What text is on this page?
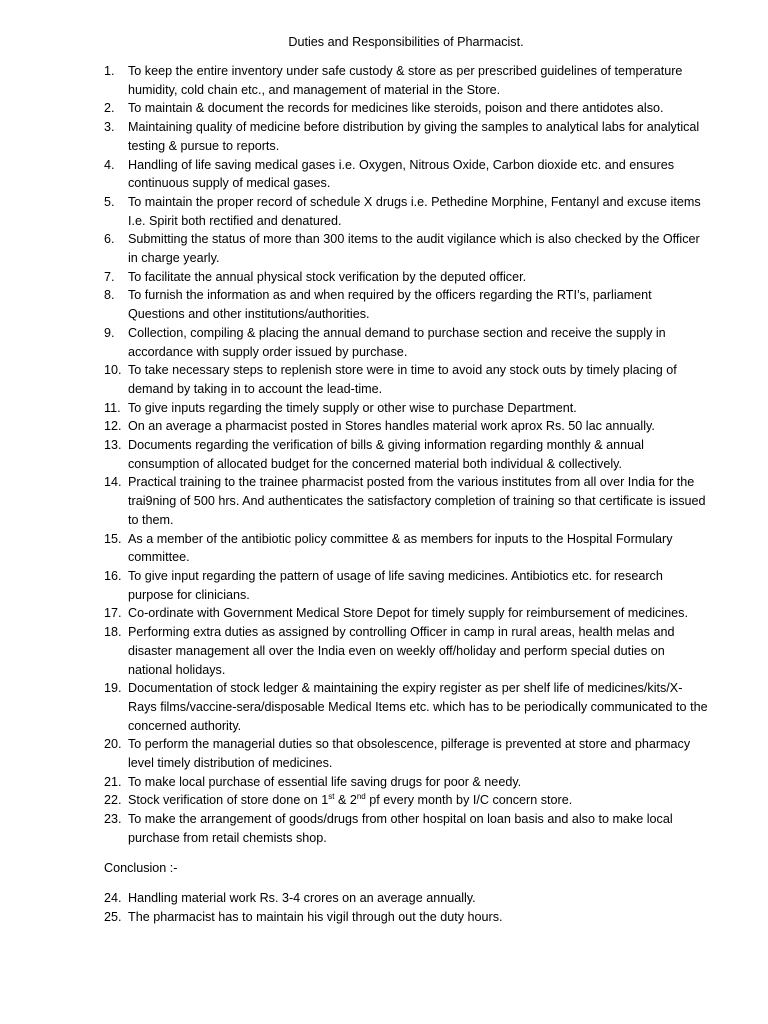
Duties and Responsibilities of Pharmacist.
1.	To keep the entire inventory under safe custody & store as per prescribed guidelines of temperature humidity, cold chain etc., and management of material in the Store.
2.	To maintain & document the records for medicines like steroids, poison and there antidotes also.
3.	Maintaining quality of medicine before distribution by giving the samples to analytical labs for analytical testing & pursue to reports.
4.	Handling of life saving medical gases i.e. Oxygen, Nitrous Oxide, Carbon dioxide etc. and ensures continuous supply of medical gases.
5.	To maintain the proper record of schedule X drugs i.e. Pethedine Morphine, Fentanyl and excuse items I.e. Spirit both rectified and denatured.
6.	Submitting the status of more than 300 items to the audit vigilance which is also checked by the Officer in charge yearly.
7.	To facilitate the annual physical stock verification by the deputed officer.
8.	To furnish the information as and when required by the officers regarding the RTI’s, parliament Questions and other institutions/authorities.
9.	Collection, compiling & placing the annual demand to purchase section and receive the supply in accordance with supply order issued by purchase.
10. To take necessary steps to replenish store were in time to avoid any stock outs by timely placing of demand by taking in to account the lead-time.
11. To give inputs regarding the timely supply or other wise to purchase Department.
12. On an average a pharmacist posted in Stores handles material work aprox Rs. 50 lac annually.
13. Documents regarding the verification of bills & giving information regarding monthly & annual consumption of allocated budget for the concerned material both individual & collectively.
14. Practical training to the trainee pharmacist posted from the various institutes from all over India for the trai9ning of 500 hrs. And authenticates the satisfactory completion of training so that certificate is issued to them.
15. As a member of the antibiotic policy committee & as members for inputs to the Hospital Formulary committee.
16. To give input regarding the pattern of usage of life saving medicines. Antibiotics etc. for research purpose for clinicians.
17. Co-ordinate with Government Medical Store Depot for timely supply for reimbursement of medicines.
18. Performing extra duties as assigned by controlling Officer in camp in rural areas, health melas and disaster management all over the India even on weekly off/holiday and perform special duties on national holidays.
19. Documentation of stock ledger & maintaining the expiry register as per shelf life of medicines/kits/X-Rays films/vaccine-sera/disposable Medical Items etc. which has to be periodically communicated to the concerned authority.
20. To perform the managerial duties so that obsolescence, pilferage is prevented at store and pharmacy level timely distribution of medicines.
21. To make local purchase of essential life saving drugs for poor & needy.
22. Stock verification of store done on 1st & 2nd pf every month by I/C concern store.
23. To make the arrangement of goods/drugs from other hospital on loan basis and also to make local purchase from retail chemists shop.
Conclusion :-
24. Handling material work Rs. 3-4 crores on an average annually.
25. The pharmacist has to maintain his vigil through out the duty hours.
